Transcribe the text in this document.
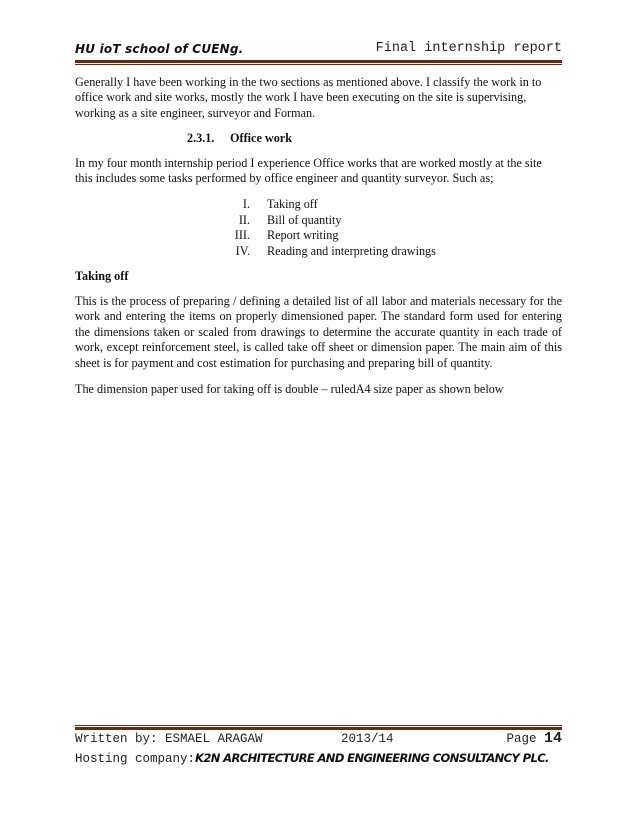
HU ioT school of CUENg.	Final internship report
Generally I have been working in the two sections as mentioned above. I classify the work in to office work and site works, mostly the work I have been executing on the site is supervising, working as a site engineer, surveyor and Forman.
2.3.1. Office work
In my four month internship period I experience Office works that are worked mostly at the site this includes some tasks performed by office engineer and quantity surveyor. Such as;
I. Taking off
II. Bill of quantity
III. Report writing
IV. Reading and interpreting drawings
Taking off
This is the process of preparing / defining a detailed list of all labor and materials necessary for the work and entering the items on properly dimensioned paper. The standard form used for entering the dimensions taken or scaled from drawings to determine the accurate quantity in each trade of work, except reinforcement steel, is called take off sheet or dimension paper. The main aim of this sheet is for payment and cost estimation for purchasing and preparing bill of quantity.
The dimension paper used for taking off is double – ruledA4 size paper as shown below
Written by: ESMAEL ARAGAW	2013/14	Page 14
Hosting company:K2N ARCHITECTURE AND ENGINEERING CONSULTANCY PLC.
